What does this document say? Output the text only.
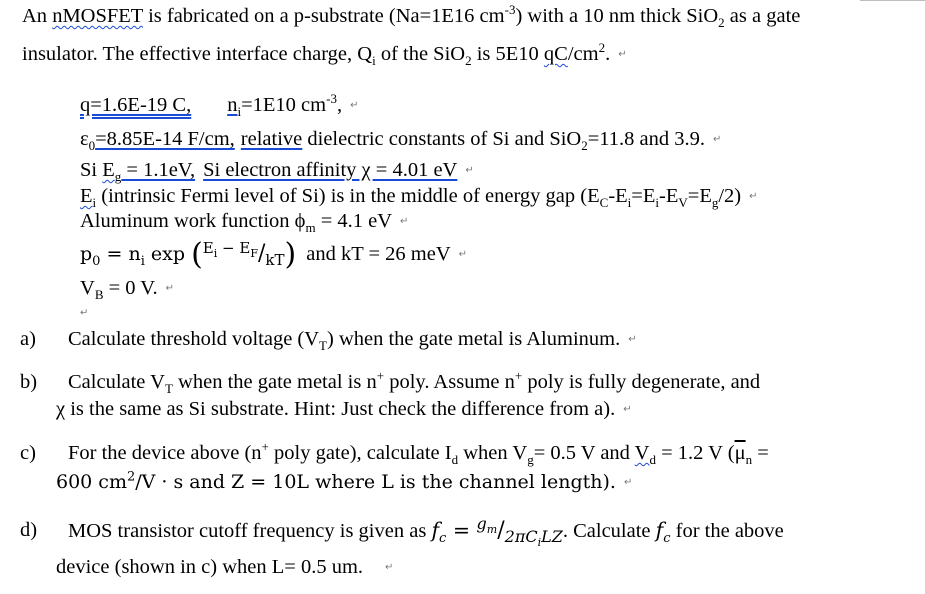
An nMOSFET is fabricated on a p-substrate (Na=1E16 $cm^{-3}$) with a 10 nm thick SiO$_2$ as a gate
insulator. The effective interface charge, $Q_i$ of the SiO$_2$ is 5E10 $qC/cm^2$. ↵
q=1.6E-19 C, $n_i=1E10$ $cm^{-3}$, ↵
$\varepsilon_0=8.85E-14$ F/cm, relative dielectric constants of Si and SiO$_2$=11.8 and 3.9. ↵
Si $E_g = 1.1eV$, Si electron affinity χ = 4.01 eV ↵
$E_i$ (intrinsic Fermi level of Si) is in the middle of energy gap $(E_C-E_i=E_i-E_V=E_g/2)$ ↵
Aluminum work function $\phi_m = 4.1$ eV ↵
$p_0 = n_i$ $\exp (^{E_i - E_F}/_{kT})$ and kT = 26 meV ↵
$V_B = 0$ V. ↵
↵
a) Calculate threshold voltage $(V_T)$ when the gate metal is Aluminum. ↵
b) Calculate $V_T$ when the gate metal is n+ poly. Assume n+ poly is fully degenerate, and
χ is the same as Si substrate. Hint: Just check the difference from a). ↵
c) For the device above (n+ poly gate), calculate $I_d$ when $V_g= 0.5$ V and $V_d = 1.2$ V ($\overline{\mu}_n$ =
600 $cm^2/V \cdot s$ and Z = 10L where L is the channel length). ↵
d) MOS transistor cutoff frequency is given as $f_c = ^{g_m}/_{2\pi C_iLZ}$. Calculate $f_c$ for the above
device (shown in c) when L= 0.5 um. ↵
